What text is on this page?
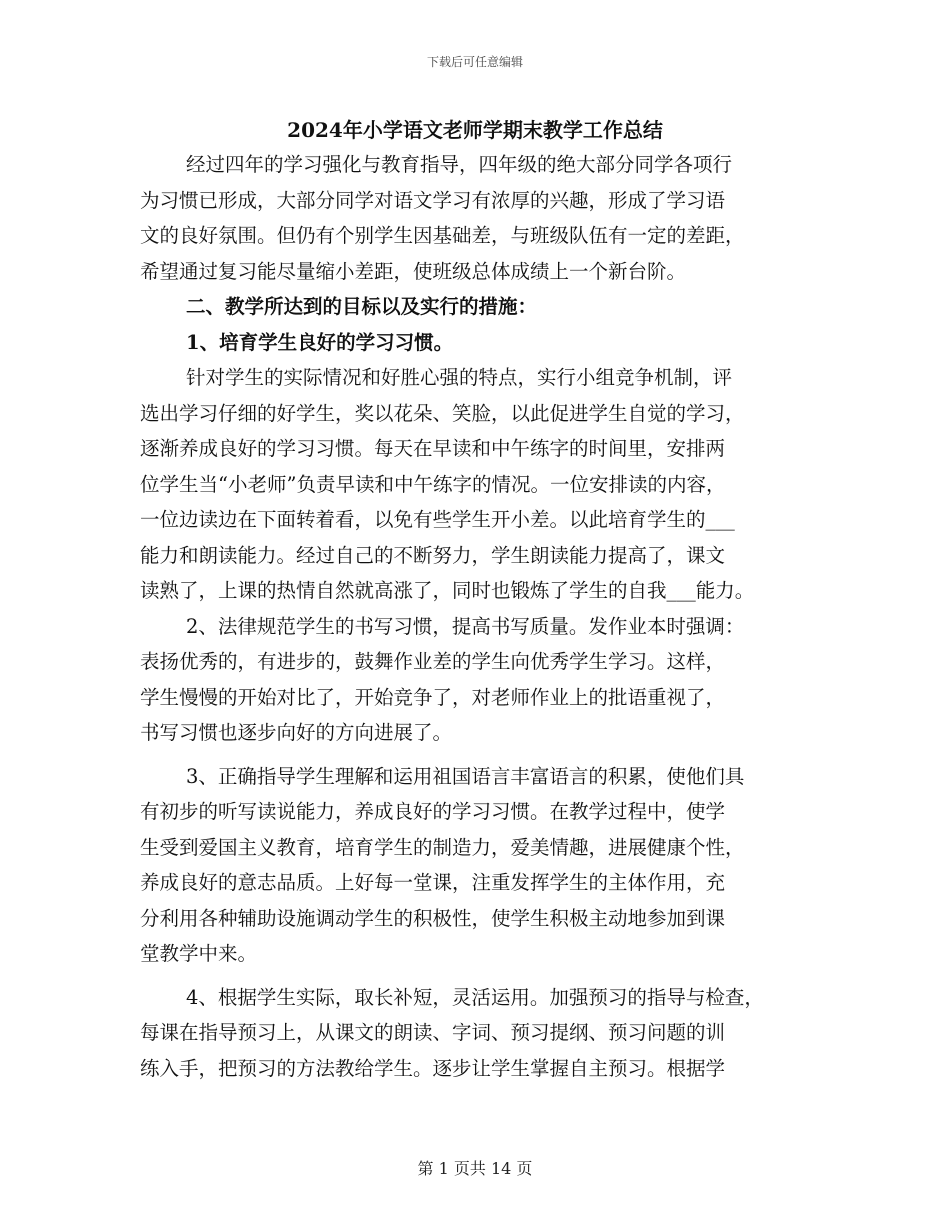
下载后可任意编辑
2024年小学语文老师学期末教学工作总结
经过四年的学习强化与教育指导，四年级的绝大部分同学各项行
为习惯已形成，大部分同学对语文学习有浓厚的兴趣，形成了学习语
文的良好氛围。但仍有个别学生因基础差，与班级队伍有一定的差距，
希望通过复习能尽量缩小差距，使班级总体成绩上一个新台阶。
二、教学所达到的目标以及实行的措施：
1、培育学生良好的学习习惯。
针对学生的实际情况和好胜心强的特点，实行小组竞争机制，评
选出学习仔细的好学生，奖以花朵、笑脸，以此促进学生自觉的学习，
逐渐养成良好的学习习惯。每天在早读和中午练字的时间里，安排两
位学生当“小老师”负责早读和中午练字的情况。一位安排读的内容，
一位边读边在下面转着看，以免有些学生开小差。以此培育学生的___
能力和朗读能力。经过自己的不断努力，学生朗读能力提高了，课文
读熟了，上课的热情自然就高涨了，同时也锻炼了学生的自我___能力。
2、法律规范学生的书写习惯，提高书写质量。发作业本时强调：
表扬优秀的，有进步的，鼓舞作业差的学生向优秀学生学习。这样，
学生慢慢的开始对比了，开始竞争了，对老师作业上的批语重视了，
书写习惯也逐步向好的方向进展了。
3、正确指导学生理解和运用祖国语言丰富语言的积累，使他们具
有初步的听写读说能力，养成良好的学习习惯。在教学过程中，使学
生受到爱国主义教育，培育学生的制造力，爱美情趣，进展健康个性，
养成良好的意志品质。上好每一堂课，注重发挥学生的主体作用，充
分利用各种辅助设施调动学生的积极性，使学生积极主动地参加到课
堂教学中来。
4、根据学生实际，取长补短，灵活运用。加强预习的指导与检查，
每课在指导预习上，从课文的朗读、字词、预习提纲、预习问题的训
练入手，把预习的方法教给学生。逐步让学生掌握自主预习。根据学
第 1 页共 14 页
